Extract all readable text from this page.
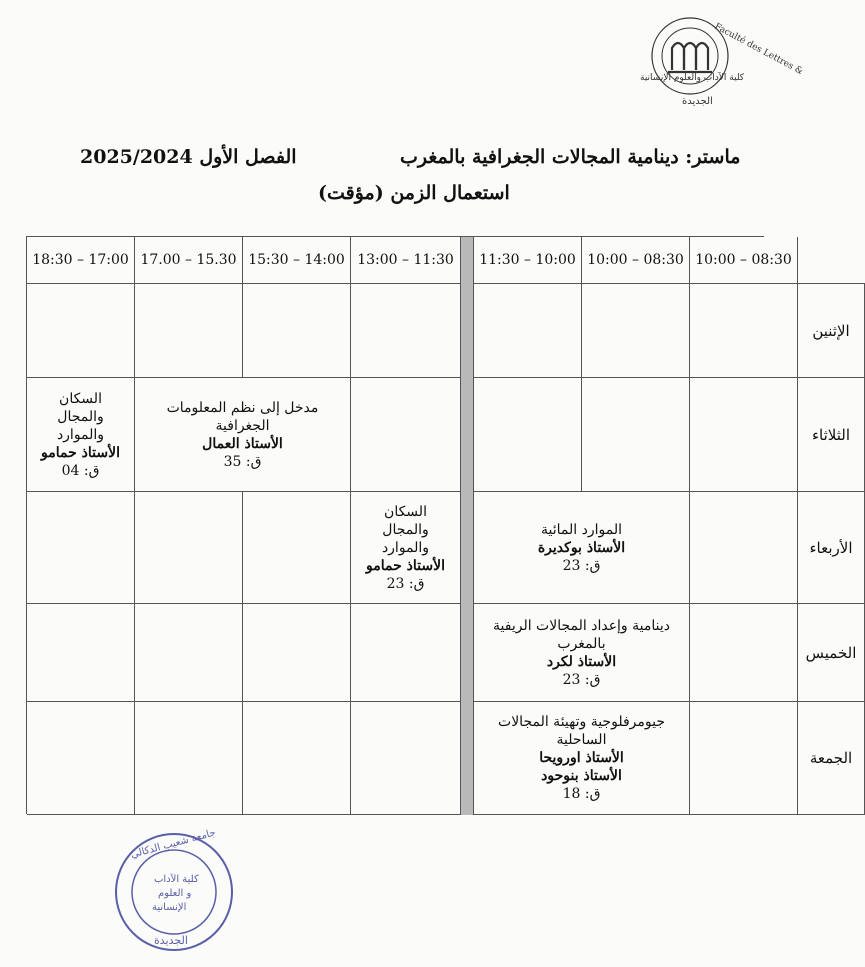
Faculté des Lettres &
كلية الآداب والعلوم الإنسانية
الجديدة
ماستر: دينامية المجالات الجغرافية بالمغرب
الفصل الأول 2025/2024
استعمال الزمن (مؤقت)
18:30 – 17:00 17.00 – 15.30 15:30 – 14:00 13:00 – 11:30	11:30 – 10:00 10:00 – 08:30 10:00 – 08:30
الإثنين
السكان
والمجال
والموارد
الأستاذ حمامو
ق: 04
مدخل إلى نظم المعلومات
الجغرافية
الأستاذ العمال
ق: 35
الثلاثاء
السكان
والمجال
والموارد
الأستاذ حمامو
ق: 23
الموارد المائية
الأستاذ بوكديرة
ق: 23
الأربعاء
دينامية وإعداد المجالات الريفية
بالمغرب
الأستاذ لكرد
ق: 23
الخميس
جيومرفلوجية وتهيئة المجالات
الساحلية
الأستاذ اورويحا
الأستاذ بنوحود
ق: 18
الجمعة
جامعة شعيب الدكالي
كلية الآداب
و العلوم
الإنسانية
الجديدة
